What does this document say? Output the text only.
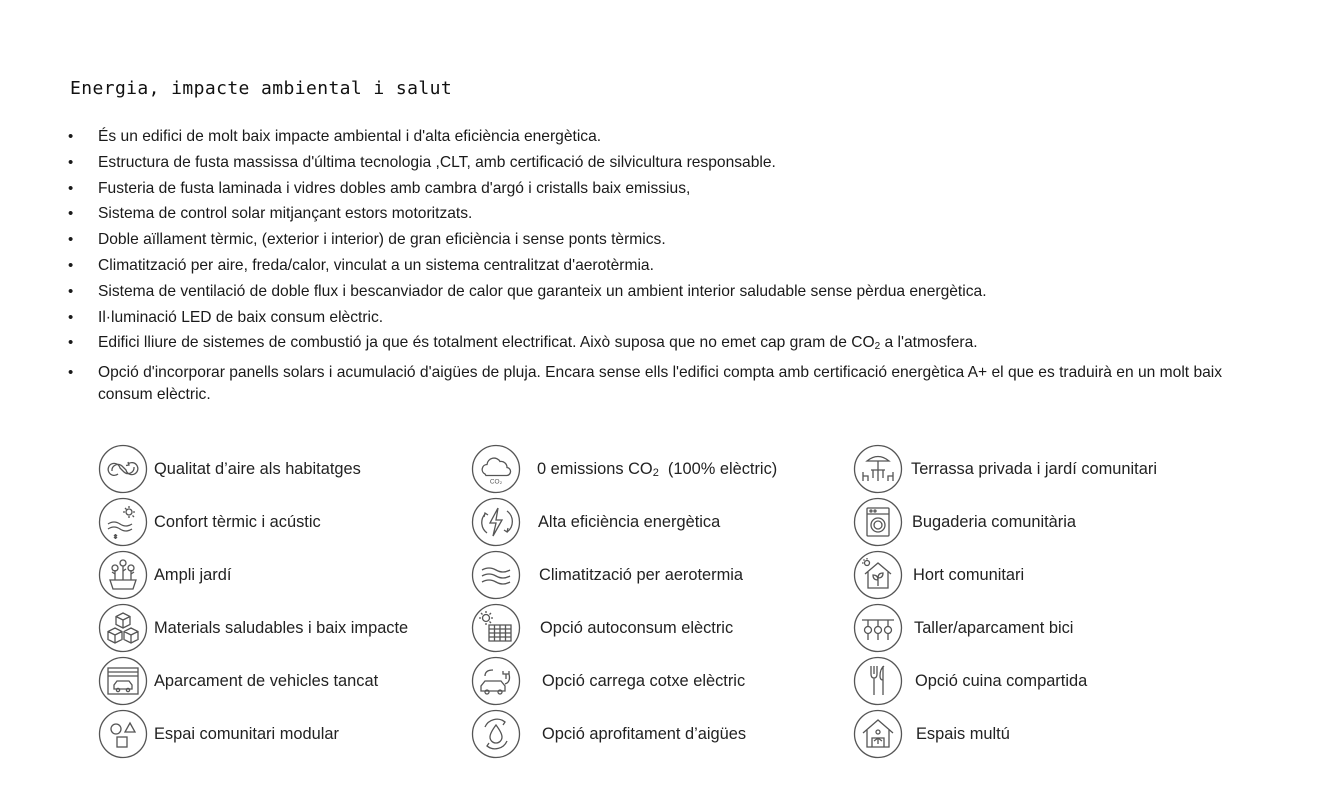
Energia, impacte ambiental i salut
• És un edifici de molt baix impacte ambiental i d'alta eficiència energètica.
• Estructura de fusta massissa d'última tecnologia ,CLT, amb certificació de silvicultura responsable.
• Fusteria de fusta laminada i vidres dobles amb cambra d'argó i cristalls baix emissius,
• Sistema de control solar mitjançant estors motoritzats.
• Doble aïllament tèrmic, (exterior i interior) de gran eficiència i sense ponts tèrmics.
• Climatització per aire, freda/calor, vinculat a un sistema centralitzat d'aerotèrmia.
• Sistema de ventilació de doble flux i bescanviador de calor que garanteix un ambient interior saludable sense pèrdua energètica.
• Il·luminació LED de baix consum elèctric.
• Edifici lliure de sistemes de combustió ja que és totalment electrificat. Això suposa que no emet cap gram de $CO_2$ a l'atmosfera.
• Opció d'incorporar panells solars i acumulació d'aigües de pluja. Encara sense ells l'edifici compta amb certificació energètica A+ el que es traduirà en un molt baix consum elèctric.
Qualitat d’aire als habitatges
Confort tèrmic i acústic
Ampli jardí
Materials saludables i baix impacte
Aparcament de vehicles tancat
Espai comunitari modular
CO₂
0 emissions $CO_2$  (100% elèctric)
Alta eficiència energètica
Climatització per aerotermia
Opció autoconsum elèctric
Opció carrega cotxe elèctric
Opció aprofitament d’aigües
Terrassa privada i jardí comunitari
Bugaderia comunitària
Hort comunitari
Taller/aparcament bici
Opció cuina compartida
Espais multú
